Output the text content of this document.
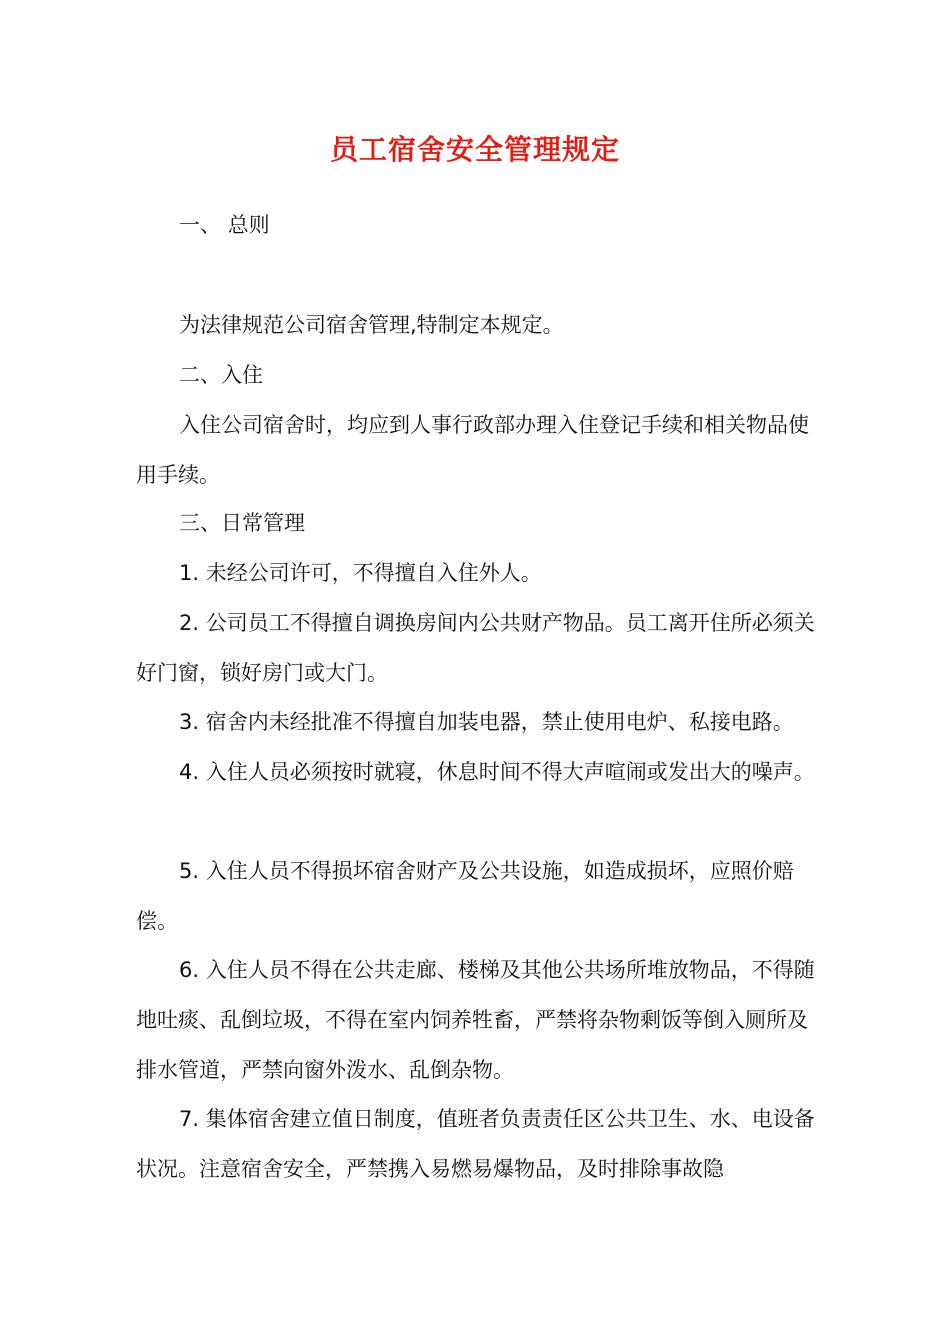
员工宿舍安全管理规定

一、 总则

为法律规范公司宿舍管理,特制定本规定。

二、入住

入住公司宿舍时，均应到人事行政部办理入住登记手续和相关物品使用手续。

三、日常管理

1. 未经公司许可，不得擅自入住外人。

2. 公司员工不得擅自调换房间内公共财产物品。员工离开住所必须关好门窗，锁好房门或大门。

3. 宿舍内未经批准不得擅自加装电器，禁止使用电炉、私接电路。

4. 入住人员必须按时就寝，休息时间不得大声喧闹或发出大的噪声。

5. 入住人员不得损坏宿舍财产及公共设施，如造成损坏，应照价赔偿。

6. 入住人员不得在公共走廊、楼梯及其他公共场所堆放物品，不得随地吐痰、乱倒垃圾，不得在室内饲养牲畜，严禁将杂物剩饭等倒入厕所及排水管道，严禁向窗外泼水、乱倒杂物。

7. 集体宿舍建立值日制度，值班者负责责任区公共卫生、水、电设备状况。注意宿舍安全，严禁携入易燃易爆物品，及时排除事故隐
